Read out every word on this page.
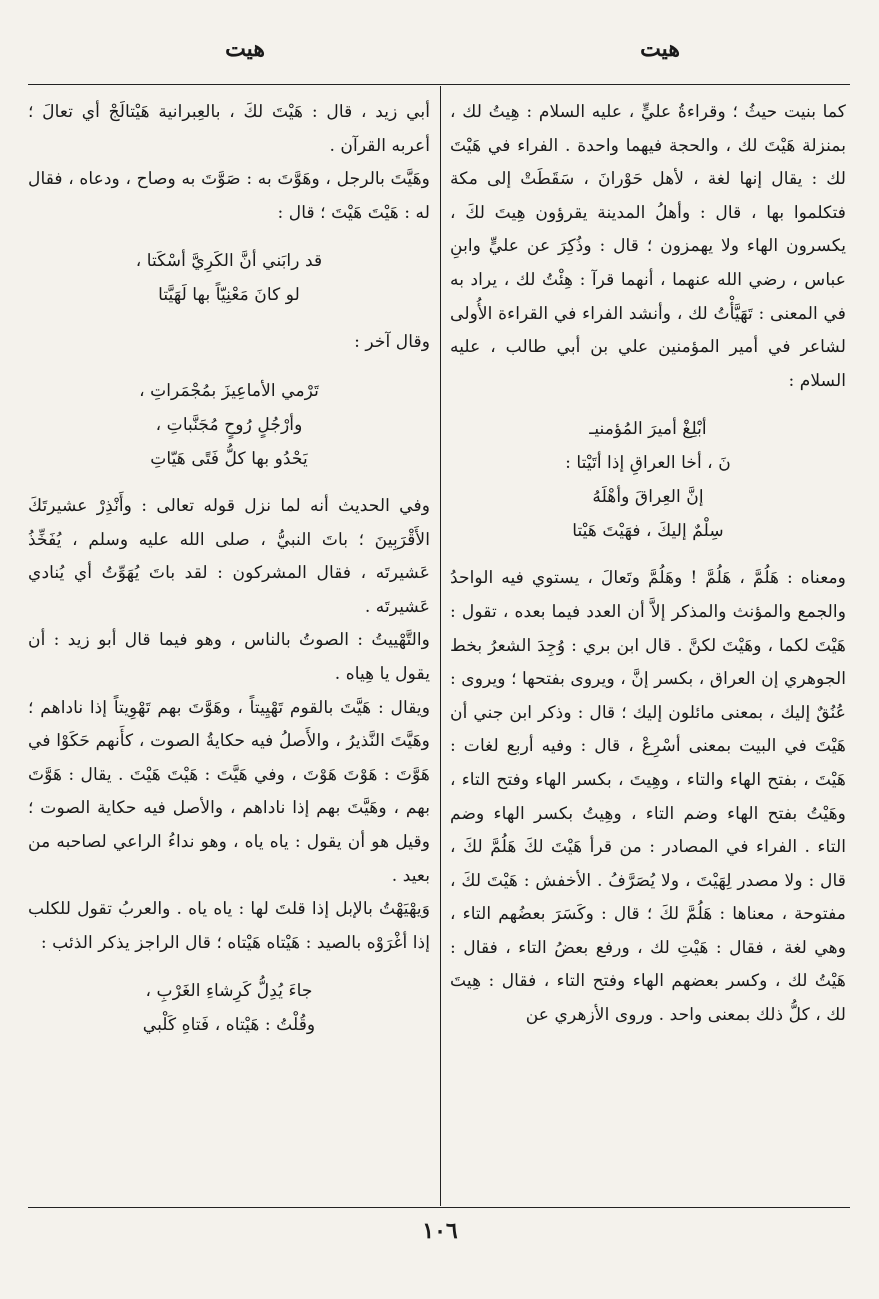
هيت
هيت

كما بنيت حيثُ ؛ وقراءةُ عليٍّ ، عليه السلام : هِيتُ لك ، بمنزلة هَيْتَ لك ، والحجة فيهما واحدة . الفراء في هَيْتَ لك : يقال إنها لغة ، لأهل حَوْرانَ ، سَقَطَتْ إلى مكة فتكلموا بها ، قال : وأهلُ المدينة يقرؤون هِيتَ لكَ ، يكسرون الهاء ولا يهمزون ؛ قال : وذُكِرَ عن عليٍّ وابنِ عباس ، رضي الله عنهما ، أنهما قرآ : هِئْتُ لك ، يراد به في المعنى : تَهَيَّأْتُ لك ، وأنشد الفراء في القراءة الأُولى لشاعر في أمير المؤمنين علي بن أبي طالب ، عليه السلام :

أبْلِغْ أميرَ المُؤمنيـ
نَ ، أخا العراقِ إذا أتَيْتا :
إنَّ العِراقَ وأهْلَهُ
سِلْمٌ إليكَ ، فهَيْتَ هَيْتا

ومعناه : هَلُمَّ ، هَلُمَّ ! وهَلُمَّ وتَعالَ ، يستوي فيه الواحدُ والجمع والمؤنث والمذكر إلاَّ أن العدد فيما بعده ، تقول : هَيْتَ لكما ، وهَيْتَ لكنَّ . قال ابن بري : وُجِدَ الشعرُ بخط الجوهري إن العراق ، بكسر إنَّ ، ويروى بفتحها ؛ ويروى : عُنُقٌ إليك ، بمعنى مائلون إليك ؛ قال : وذكر ابن جني أن هَيْتَ في البيت بمعنى أسْرِعْ ، قال : وفيه أربع لغات : هَيْتَ ، بفتح الهاء والتاء ، وهِيتَ ، بكسر الهاء وفتح التاء ، وهَيْتُ بفتح الهاء وضم التاء ، وهِيتُ بكسر الهاء وضم التاء . الفراء في المصادر : من قرأ هَيْتَ لكَ هَلُمَّ لكَ ، قال : ولا مصدر لِهَيْتَ ، ولا يُصَرَّفُ . الأخفش : هَيْتَ لكَ ، مفتوحة ، معناها : هَلُمَّ لكَ ؛ قال : وكَسَرَ بعضُهم التاء ، وهي لغة ، فقال : هَيْتِ لك ، ورفع بعضُ التاء ، فقال : هَيْتُ لك ، وكسر بعضهم الهاء وفتح التاء ، فقال : هِيتَ لك ، كلُّ ذلك بمعنى واحد . وروى الأزهري عن

أبي زيد ، قال : هَيْتَ لكَ ، بالعِبرانية هَيْتالَجْ أي تعالَ ؛ أعربه القرآن .

وهَيَّتَ بالرجل ، وهَوَّتَ به : صَوَّتَ به وصاح ، ودعاه ، فقال له : هَيْتَ هَيْتَ ؛ قال :

قد رابَني أنَّ الكَرِيَّ أسْكَتا ،
لو كانَ مَعْنِيّاً بها لَهَيَّتا

وقال آخر :

تَرْمي الأماعِيزَ بمُجْمَراتِ ،
وأرْجُلٍ رُوحٍ مُجَنَّباتِ ،
يَحْدُو بها كلُّ فَتًى هَيّاتِ

وفي الحديث أنه لما نزل قوله تعالى : وأَنْذِرْ عشيرتَكَ الأَقْرَبِينَ ؛ باتَ النبيُّ ، صلى الله عليه وسلم ، يُفَخِّذُ عَشيرتَه ، فقال المشركون : لقد باتَ يُهَوِّتُ أي يُنادي عَشيرتَه .

والتَّهْييتُ : الصوتُ بالناس ، وهو فيما قال أبو زيد : أن يقول يا هِياه .

ويقال : هَيَّتَ بالقوم تَهْيِيتاً ، وهَوَّتَ بهم تَهْوِيتاً إذا ناداهم ؛ وهَيَّتَ النَّذيرُ ، والأَصلُ فيه حكايةُ الصوت ، كأَنهم حَكَوْا في هَوَّتَ : هَوْتَ هَوْتَ ، وفي هَيَّتَ : هَيْتَ هَيْتَ . يقال : هَوَّتَ بهم ، وهَيَّتَ بهم إذا ناداهم ، والأصل فيه حكاية الصوت ؛ وقيل هو أن يقول : ياه ياه ، وهو نداءُ الراعي لصاحبه من بعيد .

وَيهْيَهْتُ بالإبل إذا قلتَ لها : ياه ياه . والعربُ تقول للكلب إذا أغْرَوْه بالصيد : هَيْتاه هَيْتاه ؛ قال الراجز يذكر الذئب :

جاءَ يُدِلُّ كَرِشاءِ الغَرْبِ ،
وقُلْتُ : هَيْتاه ، فَتاهِ كَلْبي
١٠٦
